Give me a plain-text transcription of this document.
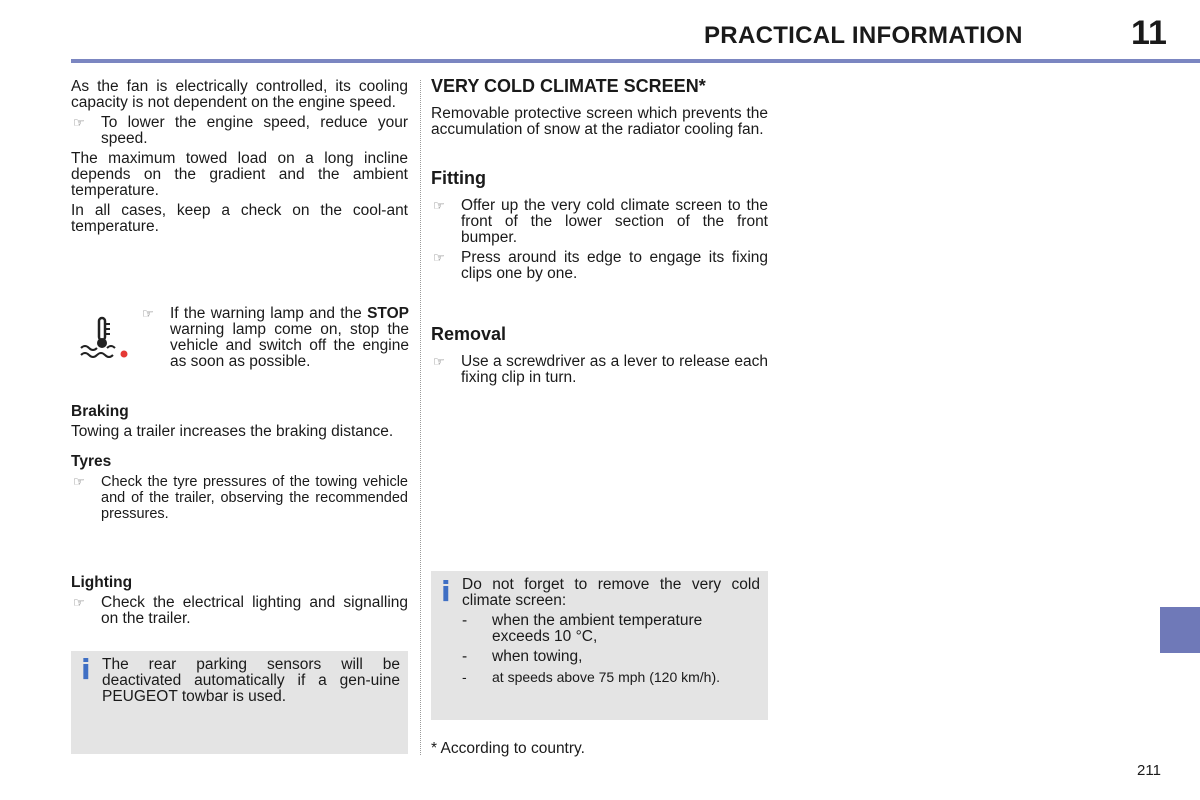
PRACTICAL INFORMATION	11

As the fan is electrically controlled, its cooling capacity is not dependent on the engine speed.

☞ To lower the engine speed, reduce your speed.

The maximum towed load on a long incline depends on the gradient and the ambient temperature.

In all cases, keep a check on the cool-ant temperature.

☞ If the warning lamp and the STOP warning lamp come on, stop the vehicle and switch off the engine as soon as possible.
Braking

Towing a trailer increases the braking distance.

Tyres
☞ Check the tyre pressures of the towing vehicle and of the trailer, observing the recommended pressures.
Lighting
☞ Check the electrical lighting and signalling on the trailer.
i The rear parking sensors will be deactivated automatically if a gen-uine PEUGEOT towbar is used.

VERY COLD CLIMATE SCREEN*

Removable protective screen which prevents the accumulation of snow at the radiator cooling fan.

Fitting
☞ Offer up the very cold climate screen to the front of the lower section of the front bumper.
☞ Press around its edge to engage its fixing clips one by one.
Removal
☞ Use a screwdriver as a lever to release each fixing clip in turn.
i Do not forget to remove the very cold climate screen:

- when the ambient temperature exceeds 10 °C,
- when towing,
- at speeds above 75 mph (120 km/h).
* According to country.
211
